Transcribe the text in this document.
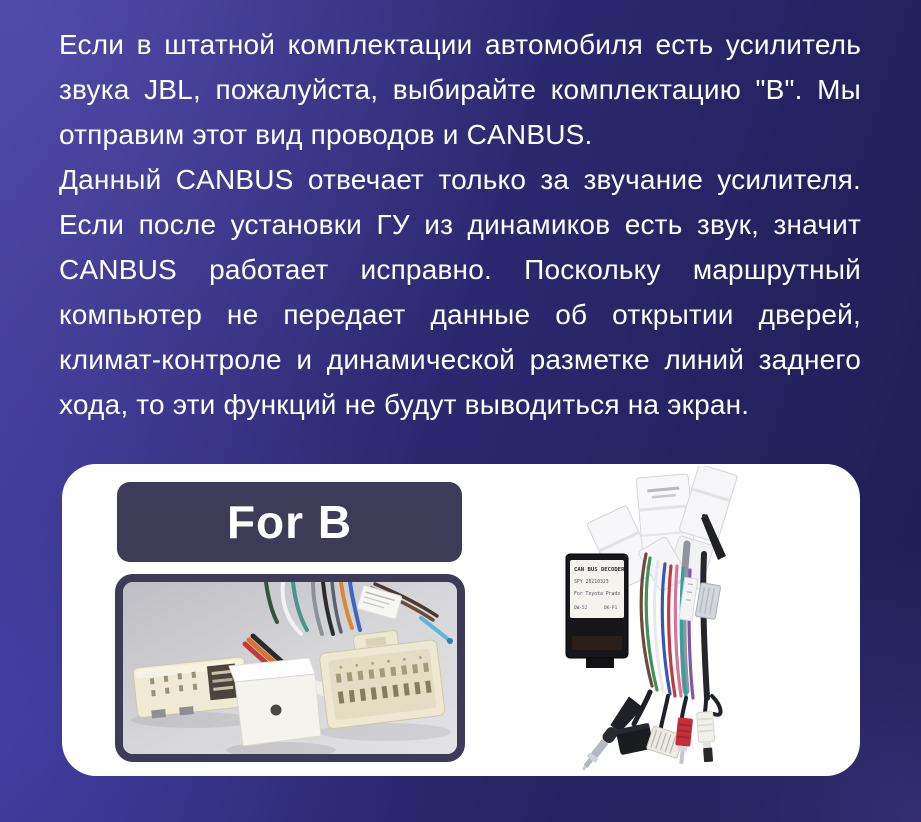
Если в штатной комплектации автомобиля есть усилитель звука JBL, пожалуйста, выбирайте комплектацию "B". Мы отправим этот вид проводов и CANBUS.

Данный CANBUS отвечает только за звучание усилителя. Если после установки ГУ из динамиков есть звук, значит CANBUS работает исправно. Поскольку маршрутный компьютер не передает данные об открытии дверей, климат-контроле и динамической разметке линий заднего хода, то эти функций не будут выводиться на экран.

For B
CAN BUS DECODER
SPY 20210323
For Toyota Prado
DW-52	DK-P1
